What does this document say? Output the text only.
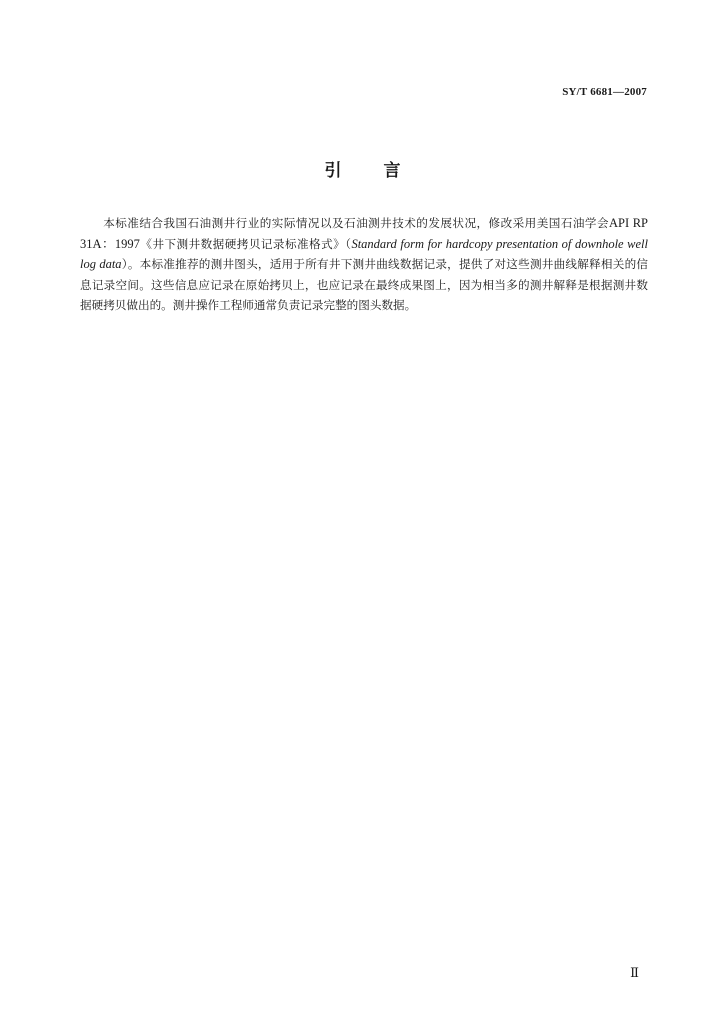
SY/T 6681—2007
引言

本标准结合我国石油测井行业的实际情况以及石油测井技术的发展状况，修改采用美国石油学会API RP 31A：1997《井下测井数据硬拷贝记录标准格式》（Standard form for hardcopy presentation of downhole well log data）。本标准推荐的测井图头，适用于所有井下测井曲线数据记录，提供了对这些测井曲线解释相关的信息记录空间。这些信息应记录在原始拷贝上，也应记录在最终成果图上，因为相当多的测井解释是根据测井数据硬拷贝做出的。测井操作工程师通常负责记录完整的图头数据。

Ⅱ
